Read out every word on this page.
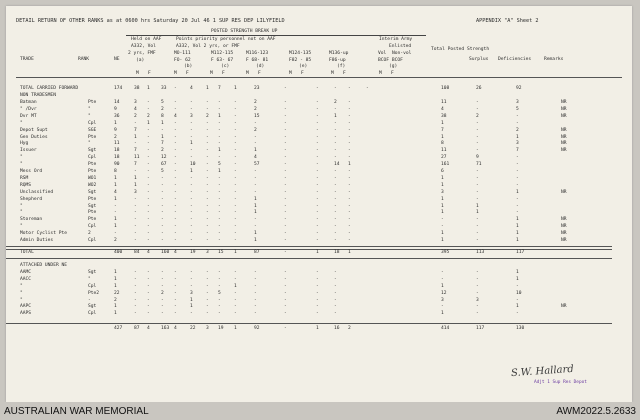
DETAIL RETURN OF OTHER RANKS as at 0600 hrs Saturday 20 Jul 46 1 SUP RES DEP LILYFIELD	APPENDIX "A" Sheet 2
POSTED STRENGTH BREAK UP
Held on AAF
A332, Vol
2 yrs, FMF
Points priority personnel not on AAF
A332, Vol 2 yrs, or FMF
Interim Army
Enlisted
TRADE	RANK	NE	(a)
MO-111
FO- 62
(b)
M112-115
F 63- 67
(c)
M116-123
F 68- 81
(d)
M124-135
F82 - 85
(e)
M136-up
F86-up
(f)
Vol Non-vol
BCOF BCOF
(g)
Total Posted Strength
Surplus Deficiencies	Remarks
M F	M F	M F	M F	M F	M F	M F
TOTAL CARRIED FORWARD	174	38 1 33 -	4	1 7	1	23	-	-	- -	-	108	26	92
NON TRADESMEN
Batman	Pte	14	3 - 5 -	-	- -	-	2	-	-	2 -	11	-	3	NR
" /Dvr	"	9	4 - 2 -	-	- -	-	2	-	-	- -	4	-	5	NR
Dvr MT	"	36	2 2 8 4	3	2 1	-	15	-	-	1 -	38	2	-	NR
"	Cpl	1	- 1 1 -	-	- -	-	-	-	-	- -	1	-	-
Depot Supt	SGE	9	7 - - -	-	- -	-	2	-	-	- -	7	-	2	NR
Gen Duties	Pte	2	1 - 1 -	-	- -	-	-	-	-	- -	1	-	1	NR
Hyg	"	11	- - 7 -	1	- -	-	-	-	-	- -	8	-	3	NR
Issuer	Sgt	18	7 - 2 -	-	- 1	-	1	-	-	- -	11	-	7	NR
"	Cpl	18	11 - 12 -	-	- -	-	4	-	-	- -	27	9	-
"	Pte	90	7 - 67 -	10 - 5	-	57	-	-	14 1	161	71	-
Mess Ord	Pte	8	- - 5 -	1	- 1	-	-	-	-	- -	6	-	-
RSM	WO1	1	1 - - -	-	- -	-	-	-	-	- -	1	-	-
RQMS	WO2	1	1 - - -	-	- -	-	-	-	-	- -	1	-	-
Unclassified	Sgt	4	3 - - -	-	- -	-	-	-	-	- -	3	-	1	NR
Shepherd	Pte	1	- - - -	-	- -	-	1	-	-	- -	1	-	-
"	Sgt	-	- - - -	-	- -	-	1	-	-	- -	1	1	-
"	Pte	-	- - - -	-	- -	-	1	-	-	- -	1	1	-
Storeman	Pte	1	- - - -	-	- -	-	-	-	-	- -	-	-	1	NR
"	Cpl	1	- - - -	-	- -	-	-	-	-	- -	-	-	1	NR
Motor Cyclist Pte	2	-	- - - -	-	- -	-	1	-	-	- -	1	-	1	NR
Admin Duties	Cpl	2	- - - -	-	- -	-	1	-	-	- -	1	-	1	NR
TOTAL	400	84 4 160 4	19 3 15 1	87	-	1	18 1	395	113	117
ATTACHED UNDER NE
AAMC	Sgt	1	- - - -	-	- -	-	-	-	-	-	-	-	1
AACC	"	1	- - - -	-	- -	-	-	-	-	-	-	-	1
"	Cpl	1	- - - -	-	- -	1	-	-	-	-	1	-	-
"	Pte2	22	- - 2 -	3	- 5	-	-	-	-	-	12	-	10
"	-	2	- - - -	1	- -	-	-	-	-	-	3	3	-
AAPC	Sgt	1	- - - -	1	- -	-	-	-	-	-	-	-	1	NR
AAPS	Cpl	1	- - - -	-	- -	-	-	-	-	-	1	-	-
427	87 4 163 4	22 3 19 1	92	-	1	16 2	414	117	130
S.W. Hallard
Adjt 1 Sup Res Depot
AUSTRALIAN WAR MEMORIAL	AWM2022.5.2633
